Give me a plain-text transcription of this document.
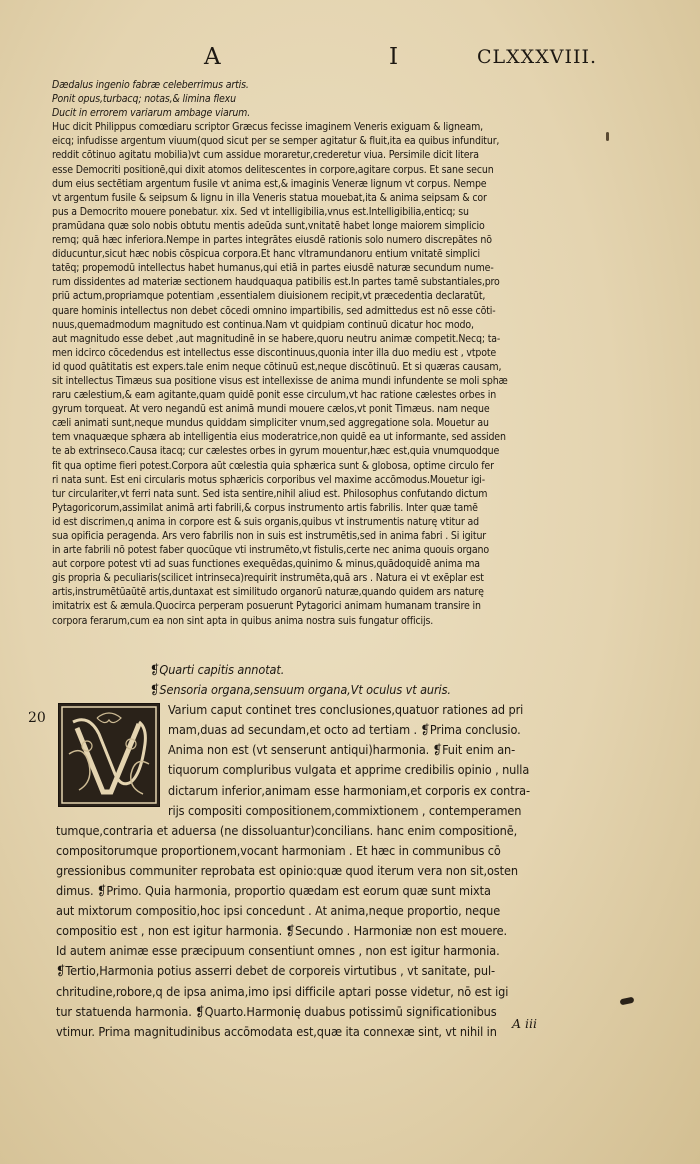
A	I	CLXXXVIII.
Dædalus ingenio fabræ celeberrimus artis.
Ponit opus,turbacq; notas,& limina flexu
Ducit in errorem variarum ambage viarum.
Huc dicit Philippus comœdiaru scriptor Græcus fecisse imaginem Veneris exiguam & ligneam,
eicq; infudisse argentum viuum(quod sicut per se semper agitatur & fluit,ita ea quibus infunditur,
reddit cōtinuo agitatu mobilia)vt cum assidue moraretur,crederetur viua. Persimile dicit litera
esse Democriti positionē,qui dixit atomos delitescentes in corpore,agitare corpus. Et sane secun
dum eius sectētiam argentum fusile vt anima est,& imaginis Veneræ lignum vt corpus. Nempe
vt argentum fusile & seipsum & lignu in illa Veneris statua mouebat,ita & anima seipsam & cor
pus a Democrito mouere ponebatur. xix. Sed vt intelligibilia,vnus est.Intelligibilia,enticq; su
pramūdana quæ solo nobis obtutu mentis adeūda sunt,vnitatē habet longe maiorem simplicio
remq; quā hæc inferiora.Nempe in partes integrātes eiusdē rationis solo numero discrepātes nō
diducuntur,sicut hæc nobis cōspicua corpora.Et hanc vltramundanoru entium vnitatē simplici
tatēq; propemodū intellectus habet humanus,qui etiā in partes eiusdē naturæ secundum nume-
rum dissidentes ad materiæ sectionem haudquaqua patibilis est.In partes tamē substantiales,pro
priū actum,propriamque potentiam ,essentialem diuisionem recipit,vt præcedentia declaratūt,
quare hominis intellectus non debet cōcedi omnino impartibilis, sed admittedus est nō esse cōti-
nuus,quemadmodum magnitudo est continua.Nam vt quidpiam continuū dicatur hoc modo,
aut magnitudo esse debet ,aut magnitudinē in se habere,quoru neutru animæ competit.Necq; ta-
men idcirco cōcedendus est intellectus esse discontinuus,quonia inter illa duo mediu est , vtpote
id quod quātitatis est expers.tale enim neque cōtinuū est,neque discōtinuū. Et si quæras causam,
sit intellectus Timæus sua positione visus est intellexisse de anima mundi infundente se moli sphæ
raru cælestium,& eam agitante,quam quidē ponit esse circulum,vt hac ratione cælestes orbes in
gyrum torqueat. At vero negandū est animā mundi mouere cælos,vt ponit Timæus. nam neque
cæli animati sunt,neque mundus quiddam simpliciter vnum,sed aggregatione sola. Mouetur au
tem vnaquæque sphæra ab intelligentia eius moderatrice,non quidē ea ut informante, sed assiden
te ab extrinseco.Causa itacq; cur cælestes orbes in gyrum mouentur,hæc est,quia vnumquodque
fit qua optime fieri potest.Corpora aūt cœlestia quia sphærica sunt & globosa, optime circulo fer
ri nata sunt. Est eni circularis motus sphæricis corporibus vel maxime accōmodus.Mouetur igi-
tur circulariter,vt ferri nata sunt. Sed ista sentire,nihil aliud est. Philosophus confutando dictum
Pytagoricorum,assimilat animā arti fabrili,& corpus instrumento artis fabrilis. Inter quæ tamē
id est discrimen,q anima in corpore est & suis organis,quibus vt instrumentis naturę vtitur ad
sua opificia peragenda. Ars vero fabrilis non in suis est instrumētis,sed in anima fabri . Si igitur
in arte fabrili nō potest faber quocūque vti instrumēto,vt fistulis,certe nec anima quouis organo
aut corpore potest vti ad suas functiones exequēdas,quinimo & minus,quādoquidē anima ma
gis propria & peculiaris(scilicet intrinseca)requirit instrumēta,quā ars . Natura ei vt exēplar est
artis,instrumētūaūtē artis,duntaxat est similitudo organorū naturæ,quando quidem ars naturę
imitatrix est & æmula.Quocirca perperam posuerunt Pytagorici animam humanam transire in
corpora ferarum,cum ea non sint apta in quibus anima nostra suis fungatur officijs.
20
❡Quarti capitis annotat.
❡Sensoria organa,sensuum organa,Vt oculus vt auris.
Varium caput continet tres conclusiones,quatuor rationes ad pri
mam,duas ad secundam,et octo ad tertiam . ❡Prima conclusio.
Anima non est (vt senserunt antiqui)harmonia. ❡Fuit enim an-
tiquorum compluribus vulgata et apprime credibilis opinio , nulla
dictarum inferior,animam esse harmoniam,et corporis ex contra-
rijs compositi compositionem,commixtionem , contemperamen
tumque,contraria et aduersa (ne dissoluantur)concilians. hanc enim compositionē,
compositorumque proportionem,vocant harmoniam . Et hæc in communibus cō
gressionibus communiter reprobata est opinio:quæ quod iterum vera non sit,osten
dimus. ❡Primo. Quia harmonia, proportio quædam est eorum quæ sunt mixta
aut mixtorum compositio,hoc ipsi concedunt . At anima,neque proportio, neque
compositio est , non est igitur harmonia. ❡Secundo . Harmoniæ non est mouere.
Id autem animæ esse præcipuum consentiunt omnes , non est igitur harmonia.
❡Tertio,Harmonia potius asserri debet de corporeis virtutibus , vt sanitate, pul-
chritudine,robore,q de ipsa anima,imo ipsi difficile aptari posse videtur, nō est igi
tur statuenda harmonia. ❡Quarto.Harmonię duabus potissimū significationibus
vtimur. Prima magnitudinibus accōmodata est,quæ ita connexæ sint, vt nihil in
A iii
